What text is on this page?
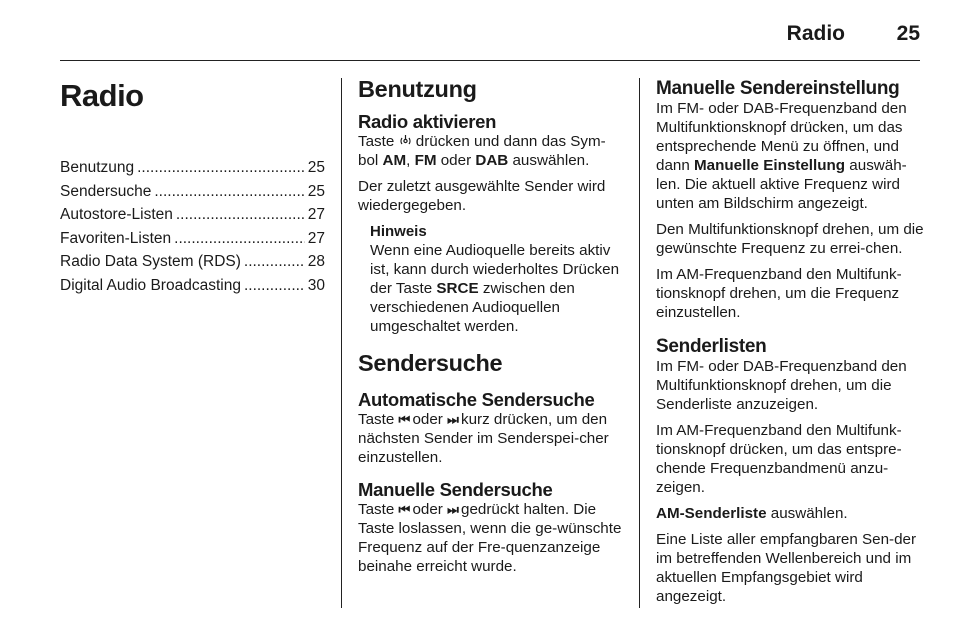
Radio 25
Radio
Benutzung .....	25
Sendersuche .....	25
Autostore-Listen .....	27
Favoriten-Listen .....	27
Radio Data System (RDS) .....	28
Digital Audio Broadcasting .....	30
Benutzung
Radio aktivieren

Taste  drücken und dann das Sym-bol AM, FM oder DAB auswählen.

Der zuletzt ausgewählte Sender wird wiedergegeben.

Hinweis

Wenn eine Audioquelle bereits aktiv ist, kann durch wiederholtes Drücken der Taste SRCE zwischen den verschiedenen Audioquellen umgeschaltet werden.

Sendersuche
Automatische Sendersuche

Taste ⏮ oder ⏭ kurz drücken, um den nächsten Sender im Senderspei-cher einzustellen.

Manuelle Sendersuche

Taste ⏮ oder ⏭ gedrückt halten. Die Taste loslassen, wenn die ge-wünschte Frequenz auf der Fre-quenzanzeige beinahe erreicht wurde.

Manuelle Sendereinstellung

Im FM- oder DAB-Frequenzband den Multifunktionsknopf drücken, um das entsprechende Menü zu öffnen, und dann Manuelle Einstellung auswäh-len. Die aktuell aktive Frequenz wird unten am Bildschirm angezeigt.

Den Multifunktionsknopf drehen, um die gewünschte Frequenz zu errei-chen.

Im AM-Frequenzband den Multifunk-tionsknopf drehen, um die Frequenz einzustellen.

Senderlisten

Im FM- oder DAB-Frequenzband den Multifunktionsknopf drehen, um die Senderliste anzuzeigen.

Im AM-Frequenzband den Multifunk-tionsknopf drücken, um das entspre-chende Frequenzbandmenü anzu-zeigen.

AM-Senderliste auswählen.

Eine Liste aller empfangbaren Sen-der im betreffenden Wellenbereich und im aktuellen Empfangsgebiet wird angezeigt.
